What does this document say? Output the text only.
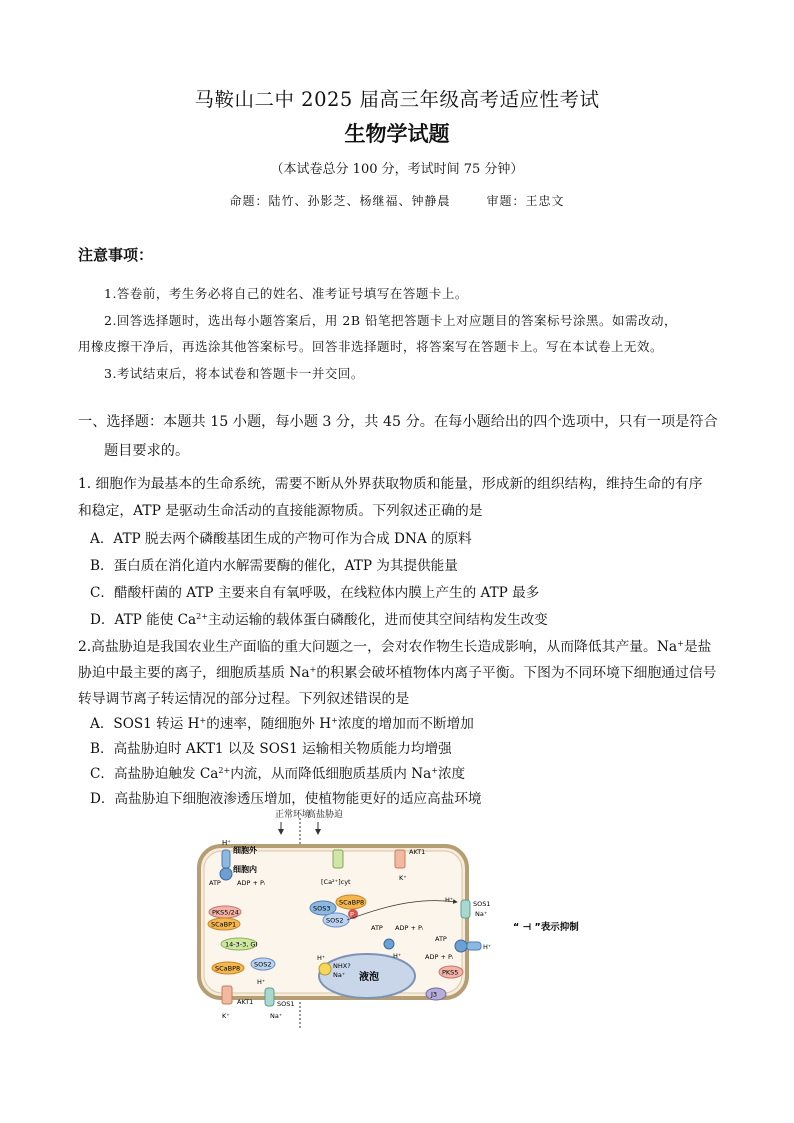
马鞍山二中 2025 届高三年级高考适应性考试
生物学试题
（本试卷总分 100 分，考试时间 75 分钟）
命题：陆竹、孙影芝、杨继福、钟静晨	审题：王忠文
注意事项：
1.答卷前，考生务必将自己的姓名、准考证号填写在答题卡上。
2.回答选择题时，选出每小题答案后，用 2B 铅笔把答题卡上对应题目的答案标号涂黑。如需改动，
用橡皮擦干净后，再选涂其他答案标号。回答非选择题时，将答案写在答题卡上。写在本试卷上无效。
3.考试结束后，将本试卷和答题卡一并交回。
一、选择题：本题共 15 小题，每小题 3 分，共 45 分。在每小题给出的四个选项中，只有一项是符合
题目要求的。
1. 细胞作为最基本的生命系统，需要不断从外界获取物质和能量，形成新的组织结构，维持生命的有序
和稳定，ATP 是驱动生命活动的直接能源物质。下列叙述正确的是
A．ATP 脱去两个磷酸基团生成的产物可作为合成 DNA 的原料
B．蛋白质在消化道内水解需要酶的催化，ATP 为其提供能量
C．醋酸杆菌的 ATP 主要来自有氧呼吸，在线粒体内膜上产生的 ATP 最多
D．ATP 能使 $Ca^{2+}$主动运输的载体蛋白磷酸化，进而使其空间结构发生改变
2.高盐胁迫是我国农业生产面临的重大问题之一，会对农作物生长造成影响，从而降低其产量。Na+是盐
胁迫中最主要的离子，细胞质基质 Na+的积累会破坏植物体内离子平衡。下图为不同环境下细胞通过信号
转导调节离子转运情况的部分过程。下列叙述错误的是
A．SOS1 转运 H+的速率，随细胞外 H+浓度的增加而不断增加
B．高盐胁迫时 AKT1 以及 SOS1 运输相关物质能力均增强
C．高盐胁迫触发 $Ca^{2+}$内流，从而降低细胞质基质内 Na+浓度
D．高盐胁迫下细胞液渗透压增加，使植物能更好的适应高盐环境
正常环境
高盐胁迫
细胞外
细胞内
H⁺
ATP ADP + Pᵢ
PKS5/24
SCaBP1
14-3-3, GI
SCaBP8 SOS2
AKT1
K⁺
H⁺
SOS1
Na⁺
[Ca²⁺]cyt
AKT1
K⁺
SOS3
SOS2
SCaBP8
P
液泡
H⁺
NHX?
Na⁺
ATP ADP + Pᵢ
H⁺
H⁺	SOS1
Na⁺
ATP
ADP + Pᵢ
H⁺
PKS5
J3
“ ⊣ ”表示抑制
